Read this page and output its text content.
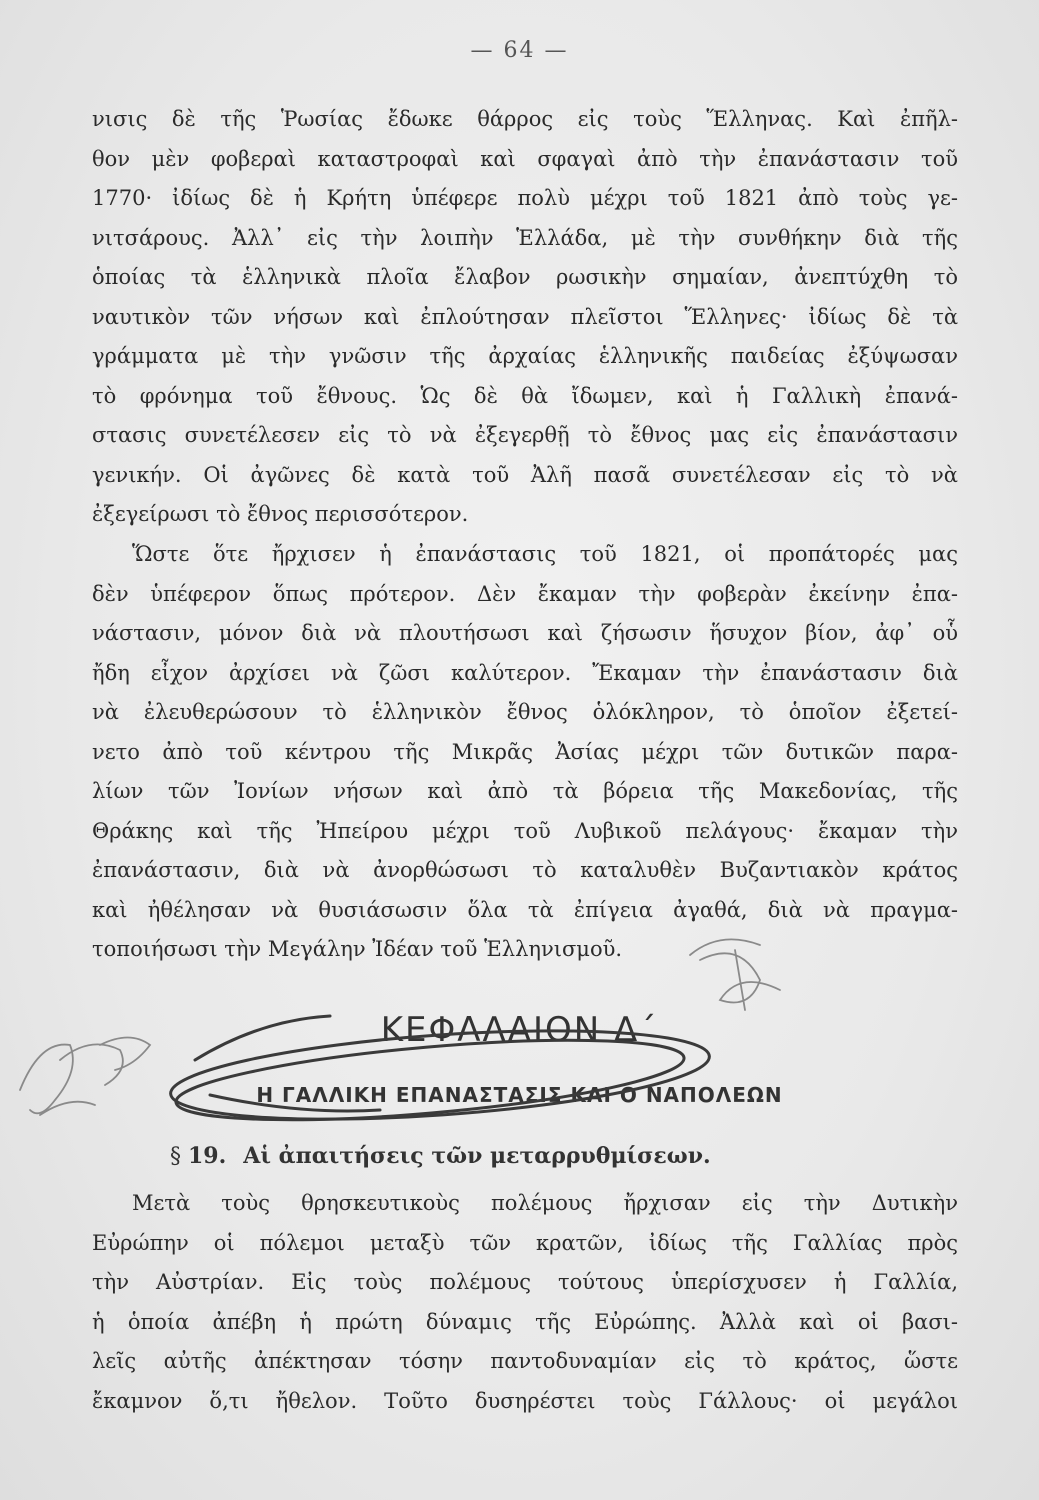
— 64 —
νισις δὲ τῆς Ῥωσίας ἔδωκε θάρρος εἰς τοὺς Ἕλληνας. Καὶ ἐπῆλ-
θον μὲν φοβεραὶ καταστροφαὶ καὶ σφαγαὶ ἀπὸ τὴν ἐπανάστασιν τοῦ
1770· ἰδίως δὲ ἡ Κρήτη ὑπέφερε πολὺ μέχρι τοῦ 1821 ἀπὸ τοὺς γε-
νιτσάρους. Ἀλλ᾽ εἰς τὴν λοιπὴν Ἑλλάδα, μὲ τὴν συνθήκην διὰ τῆς
ὁποίας τὰ ἑλληνικὰ πλοῖα ἔλαβον ρωσικὴν σημαίαν, ἀνεπτύχθη τὸ
ναυτικὸν τῶν νήσων καὶ ἐπλούτησαν πλεῖστοι Ἕλληνες· ἰδίως δὲ τὰ
γράμματα μὲ τὴν γνῶσιν τῆς ἀρχαίας ἑλληνικῆς παιδείας ἐξύψωσαν
τὸ φρόνημα τοῦ ἔθνους. Ὡς δὲ θὰ ἴδωμεν, καὶ ἡ Γαλλικὴ ἐπανά-
στασις συνετέλεσεν εἰς τὸ νὰ ἐξεγερθῇ τὸ ἔθνος μας εἰς ἐπανάστασιν
γενικήν. Οἱ ἀγῶνες δὲ κατὰ τοῦ Ἀλῆ πασᾶ συνετέλεσαν εἰς τὸ νὰ
ἐξεγείρωσι τὸ ἔθνος περισσότερον.
Ὥστε ὅτε ἤρχισεν ἡ ἐπανάστασις τοῦ 1821, οἱ προπάτορές μας
δὲν ὑπέφερον ὅπως πρότερον. Δὲν ἔκαμαν τὴν φοβερὰν ἐκείνην ἐπα-
νάστασιν, μόνον διὰ νὰ πλουτήσωσι καὶ ζήσωσιν ἥσυχον βίον, ἀφ᾽ οὗ
ἤδη εἶχον ἀρχίσει νὰ ζῶσι καλύτερον. Ἔκαμαν τὴν ἐπανάστασιν διὰ
νὰ ἐλευθερώσουν τὸ ἑλληνικὸν ἔθνος ὁλόκληρον, τὸ ὁποῖον ἐξετεί-
νετο ἀπὸ τοῦ κέντρου τῆς Μικρᾶς Ἀσίας μέχρι τῶν δυτικῶν παρα-
λίων τῶν Ἰονίων νήσων καὶ ἀπὸ τὰ βόρεια τῆς Μακεδονίας, τῆς
Θράκης καὶ τῆς Ἠπείρου μέχρι τοῦ Λυβικοῦ πελάγους· ἔκαμαν τὴν
ἐπανάστασιν, διὰ νὰ ἀνορθώσωσι τὸ καταλυθὲν Βυζαντιακὸν κράτος
καὶ ἠθέλησαν νὰ θυσιάσωσιν ὅλα τὰ ἐπίγεια ἀγαθά, διὰ νὰ πραγμα-
τοποιήσωσι τὴν Μεγάλην Ἰδέαν τοῦ Ἑλληνισμοῦ.
ΚΕΦΑΛΑΙΟΝ Δ΄
Η ΓΑΛΛΙΚΗ ΕΠΑΝΑΣΤΑΣΙΣ ΚΑΙ Ο ΝΑΠΟΛΕΩΝ
§ 19. Αἱ ἀπαιτήσεις τῶν μεταρρυθμίσεων.
Μετὰ τοὺς θρησκευτικοὺς πολέμους ἤρχισαν εἰς τὴν Δυτικὴν
Εὐρώπην οἱ πόλεμοι μεταξὺ τῶν κρατῶν, ἰδίως τῆς Γαλλίας πρὸς
τὴν Αὐστρίαν. Εἰς τοὺς πολέμους τούτους ὑπερίσχυσεν ἡ Γαλλία,
ἡ ὁποία ἀπέβη ἡ πρώτη δύναμις τῆς Εὐρώπης. Ἀλλὰ καὶ οἱ βασι-
λεῖς αὐτῆς ἀπέκτησαν τόσην παντοδυναμίαν εἰς τὸ κράτος, ὥστε
ἔκαμνον ὅ,τι ἤθελον. Τοῦτο δυσηρέστει τοὺς Γάλλους· οἱ μεγάλοι
